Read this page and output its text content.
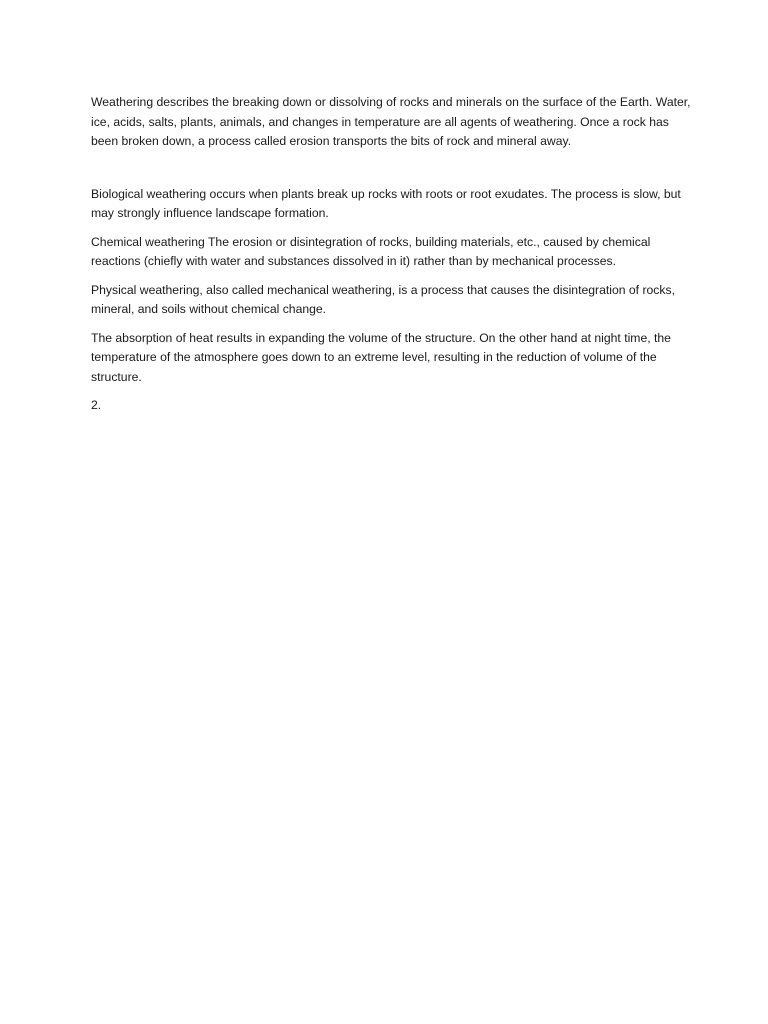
Weathering describes the breaking down or dissolving of rocks and minerals on the surface of the Earth. Water, ice, acids, salts, plants, animals, and changes in temperature are all agents of weathering. Once a rock has been broken down, a process called erosion transports the bits of rock and mineral away.

Biological weathering occurs when plants break up rocks with roots or root exudates. The process is slow, but may strongly influence landscape formation.

Chemical weathering The erosion or disintegration of rocks, building materials, etc., caused by chemical reactions (chiefly with water and substances dissolved in it) rather than by mechanical processes.

Physical weathering, also called mechanical weathering, is a process that causes the disintegration of rocks, mineral, and soils without chemical change.

The absorption of heat results in expanding the volume of the structure. On the other hand at night time, the temperature of the atmosphere goes down to an extreme level, resulting in the reduction of volume of the structure.

2.
